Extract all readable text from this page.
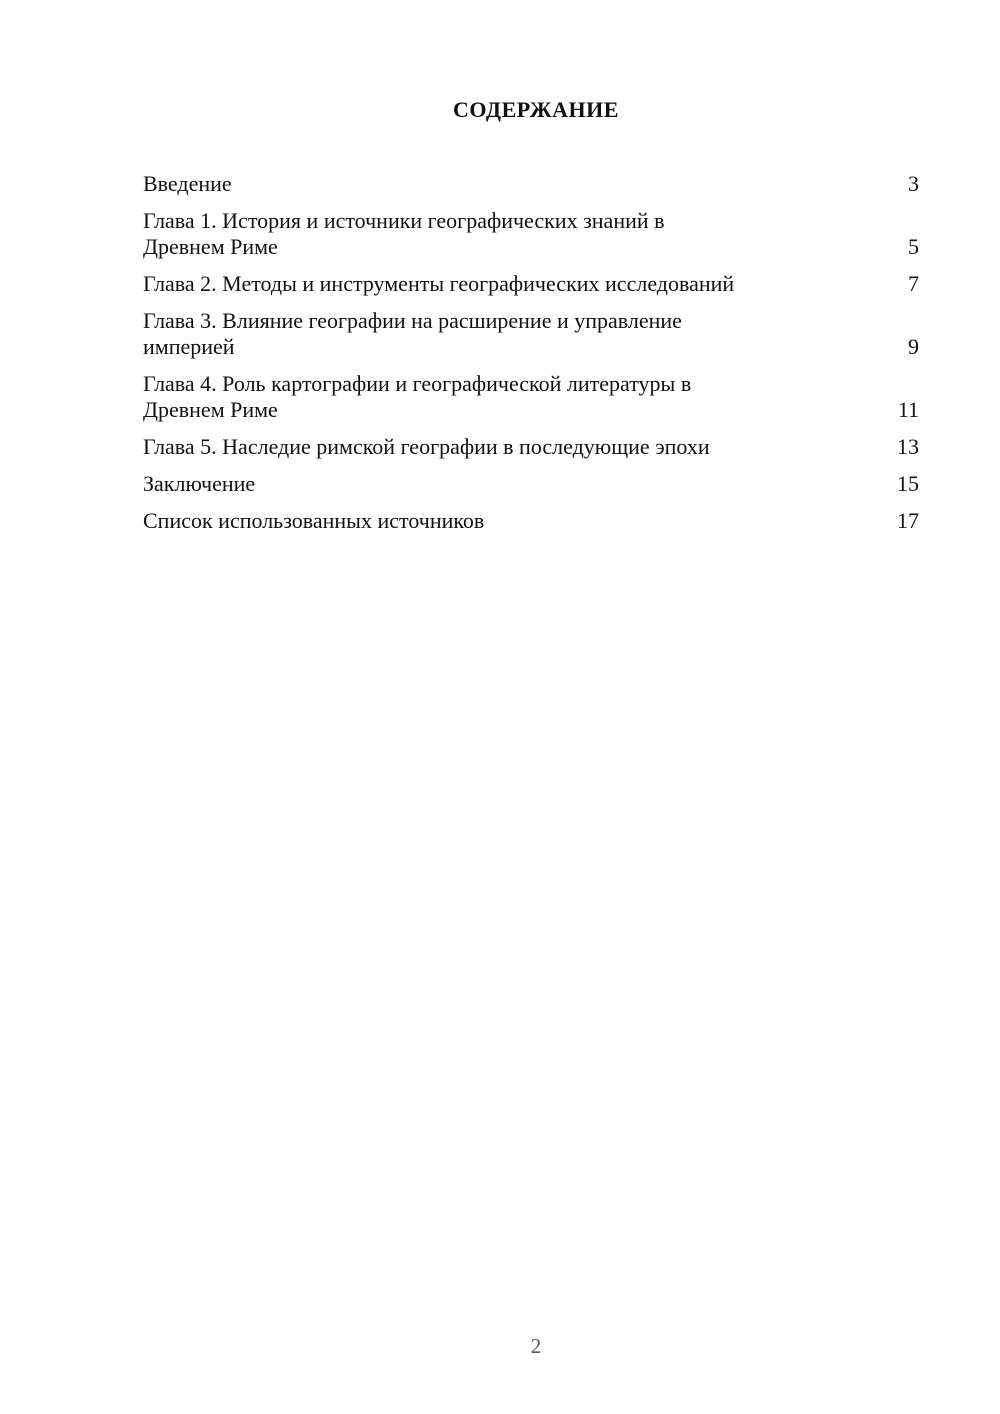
СОДЕРЖАНИЕ
Введение	3
Глава 1. История и источники географических знаний в
Древнем Риме	5
Глава 2. Методы и инструменты географических исследований	7
Глава 3. Влияние географии на расширение и управление
империей	9
Глава 4. Роль картографии и географической литературы в
Древнем Риме	11
Глава 5. Наследие римской географии в последующие эпохи	13
Заключение	15
Список использованных источников	17
2
